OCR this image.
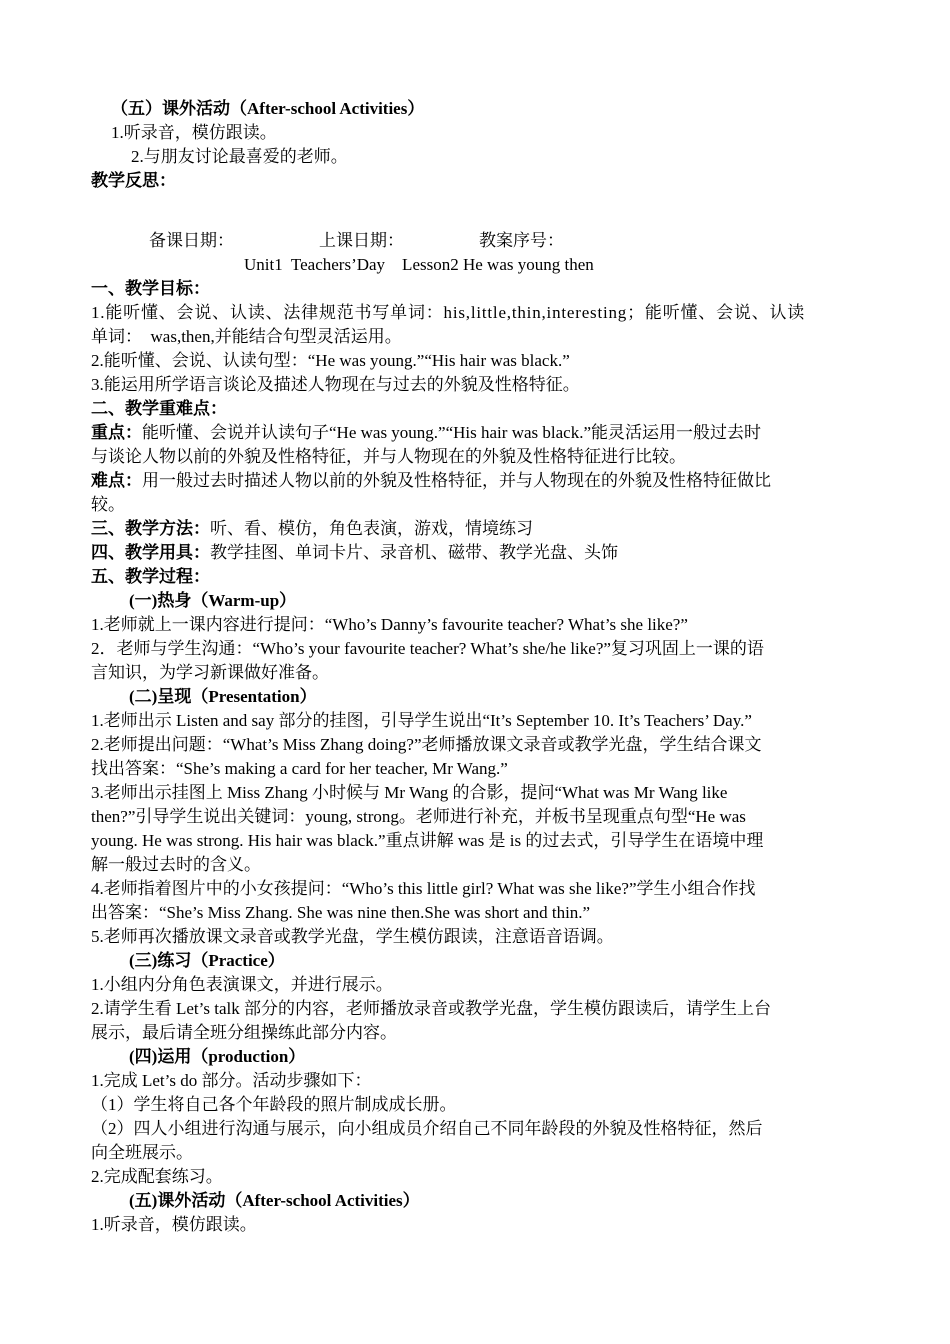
（五）课外活动（After-school Activities）
1.听录音，模仿跟读。
2.与朋友讨论最喜爱的老师。
教学反思：
备课日期：	上课日期：	教案序号：
Unit1  Teachers’Day    Lesson2 He was young then
一、教学目标：
1.能听懂、会说、认读、法律规范书写单词：his,little,thin,interesting；能听懂、会说、认读
单词：  was,then,并能结合句型灵活运用。
2.能听懂、会说、认读句型：“He was young.”“His hair was black.”
3.能运用所学语言谈论及描述人物现在与过去的外貌及性格特征。
二、教学重难点：
重点：能听懂、会说并认读句子“He was young.”“His hair was black.”能灵活运用一般过去时
与谈论人物以前的外貌及性格特征，并与人物现在的外貌及性格特征进行比较。
难点：用一般过去时描述人物以前的外貌及性格特征，并与人物现在的外貌及性格特征做比
较。
三、教学方法：听、看、模仿，角色表演，游戏，情境练习
四、教学用具：教学挂图、单词卡片、录音机、磁带、教学光盘、头饰
五、教学过程：
(一)热身（Warm-up）
1.老师就上一课内容进行提问：“Who’s Danny’s favourite teacher? What’s she like?”
2．老师与学生沟通：“Who’s your favourite teacher? What’s she/he like?”复习巩固上一课的语
言知识，为学习新课做好准备。
(二)呈现（Presentation）
1.老师出示 Listen and say 部分的挂图，引导学生说出“It’s September 10. It’s Teachers’ Day.”
2.老师提出问题：“What’s Miss Zhang doing?”老师播放课文录音或教学光盘，学生结合课文
找出答案：“She’s making a card for her teacher, Mr Wang.”
3.老师出示挂图上 Miss Zhang 小时候与 Mr Wang 的合影，提问“What was Mr Wang like
then?”引导学生说出关键词：young, strong。老师进行补充，并板书呈现重点句型“He was
young. He was strong. His hair was black.”重点讲解 was 是 is 的过去式，引导学生在语境中理
解一般过去时的含义。
4.老师指着图片中的小女孩提问：“Who’s this little girl? What was she like?”学生小组合作找
出答案：“She’s Miss Zhang. She was nine then.She was short and thin.”
5.老师再次播放课文录音或教学光盘，学生模仿跟读，注意语音语调。
(三)练习（Practice）
1.小组内分角色表演课文，并进行展示。
2.请学生看 Let’s talk 部分的内容，老师播放录音或教学光盘，学生模仿跟读后，请学生上台
展示，最后请全班分组操练此部分内容。
(四)运用（production）
1.完成 Let’s do 部分。活动步骤如下：
（1）学生将自己各个年龄段的照片制成成长册。
（2）四人小组进行沟通与展示，向小组成员介绍自己不同年龄段的外貌及性格特征，然后
向全班展示。
2.完成配套练习。
(五)课外活动（After-school Activities）
1.听录音，模仿跟读。
